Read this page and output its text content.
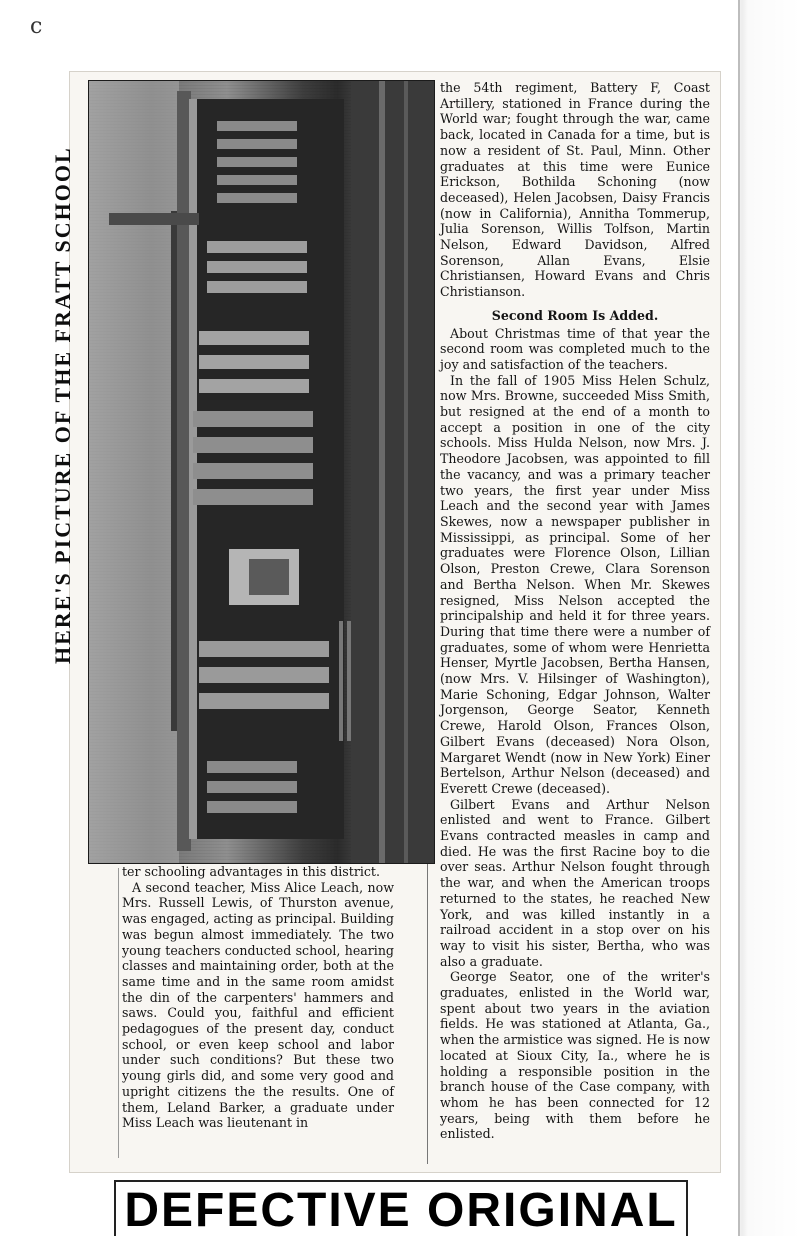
c
HERE'S PICTURE OF THE FRATT SCHOOL

the 54th regiment, Battery F, Coast Artillery, stationed in France during the World war; fought through the war, came back, located in Canada for a time, but is now a resident of St. Paul, Minn. Other graduates at this time were Eunice Erickson, Bothilda Schoning (now deceased), Helen Jacobsen, Daisy Francis (now in California), Annitha Tommerup, Julia Sorenson, Willis Tolfson, Martin Nelson, Edward Davidson, Alfred Sorenson, Allan Evans, Elsie Christiansen, Howard Evans and Chris Christianson.

Second Room Is Added.

About Christmas time of that year the second room was completed much to the joy and satisfaction of the teachers.

In the fall of 1905 Miss Helen Schulz, now Mrs. Browne, succeeded Miss Smith, but resigned at the end of a month to accept a position in one of the city schools. Miss Hulda Nelson, now Mrs. J. Theodore Jacobsen, was appointed to fill the vacancy, and was a primary teacher two years, the first year under Miss Leach and the second year with James Skewes, now a newspaper publisher in Mississippi, as principal. Some of her graduates were Florence Olson, Lillian Olson, Preston Crewe, Clara Sorenson and Bertha Nelson. When Mr. Skewes resigned, Miss Nelson accepted the principalship and held it for three years. During that time there were a number of graduates, some of whom were Henrietta Henser, Myrtle Jacobsen, Bertha Hansen, (now Mrs. V. Hilsinger of Washington), Marie Schoning, Edgar Johnson, Walter Jorgenson, George Seator, Kenneth Crewe, Harold Olson, Frances Olson, Gilbert Evans (deceased) Nora Olson, Margaret Wendt (now in New York) Einer Bertelson, Arthur Nelson (deceased) and Everett Crewe (deceased).

Gilbert Evans and Arthur Nelson enlisted and went to France. Gilbert Evans contracted measles in camp and died. He was the first Racine boy to die over seas. Arthur Nelson fought through the war, and when the American troops returned to the states, he reached New York, and was killed instantly in a railroad accident in a stop over on his way to visit his sister, Bertha, who was also a graduate.

George Seator, one of the writer's graduates, enlisted in the World war, spent about two years in the aviation fields. He was stationed at Atlanta, Ga., when the armistice was signed. He is now located at Sioux City, Ia., where he is holding a responsible position in the branch house of the Case company, with whom he has been connected for 12 years, being with them before he enlisted.

ter schooling advantages in this district.

A second teacher, Miss Alice Leach, now Mrs. Russell Lewis, of Thurston avenue, was engaged, acting as principal. Building was begun almost immediately. The two young teachers conducted school, hearing classes and maintaining order, both at the same time and in the same room amidst the din of the carpenters' hammers and saws. Could you, faithful and efficient pedagogues of the present day, conduct school, or even keep school and labor under such conditions? But these two young girls did, and some very good and upright citizens the the results. One of them, Leland Barker, a graduate under Miss Leach was lieutenant in

DEFECTIVE ORIGINAL
